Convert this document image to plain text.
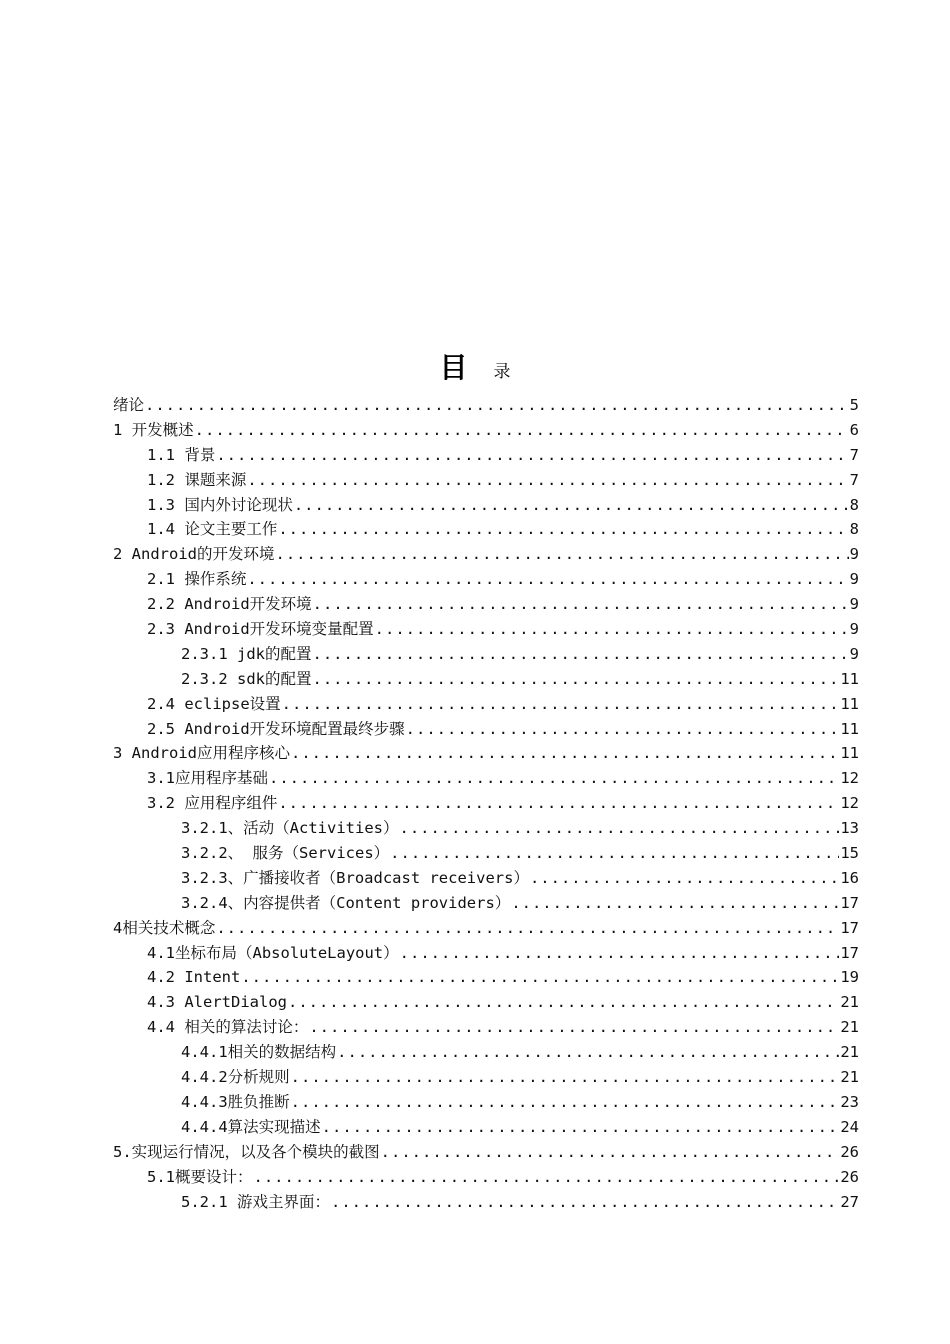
目 录
绪论 .....	5
1 开发概述 .....	6
1.1 背景 .....	7
1.2 课题来源 .....	7
1.3 国内外讨论现状 .....	8
1.4 论文主要工作 .....	8
2 Android的开发环境 .....	9
2.1 操作系统 .....	9
2.2 Android开发环境 .....	9
2.3 Android开发环境变量配置 .....	9
2.3.1 jdk的配置 .....	9
2.3.2 sdk的配置 .....	11
2.4 eclipse设置 .....	11
2.5 Android开发环境配置最终步骤 .....	11
3 Android应用程序核心 .....	11
3.1应用程序基础 .....	12
3.2 应用程序组件 .....	12
3.2.1、活动（Activities） .....	13
3.2.2、 服务（Services） .....	15
3.2.3、广播接收者（Broadcast receivers） .....	16
3.2.4、内容提供者（Content providers） .....	17
4相关技术概念 .....	17
4.1坐标布局（AbsoluteLayout） .....	17
4.2 Intent .....	19
4.3 AlertDialog .....	21
4.4 相关的算法讨论： .....	21
4.4.1相关的数据结构 .....	21
4.4.2分析规则 .....	21
4.4.3胜负推断 .....	23
4.4.4算法实现描述 .....	24
5.实现运行情况，以及各个模块的截图 .....	26
5.1概要设计： .....	26
5.2.1 游戏主界面： .....	27
